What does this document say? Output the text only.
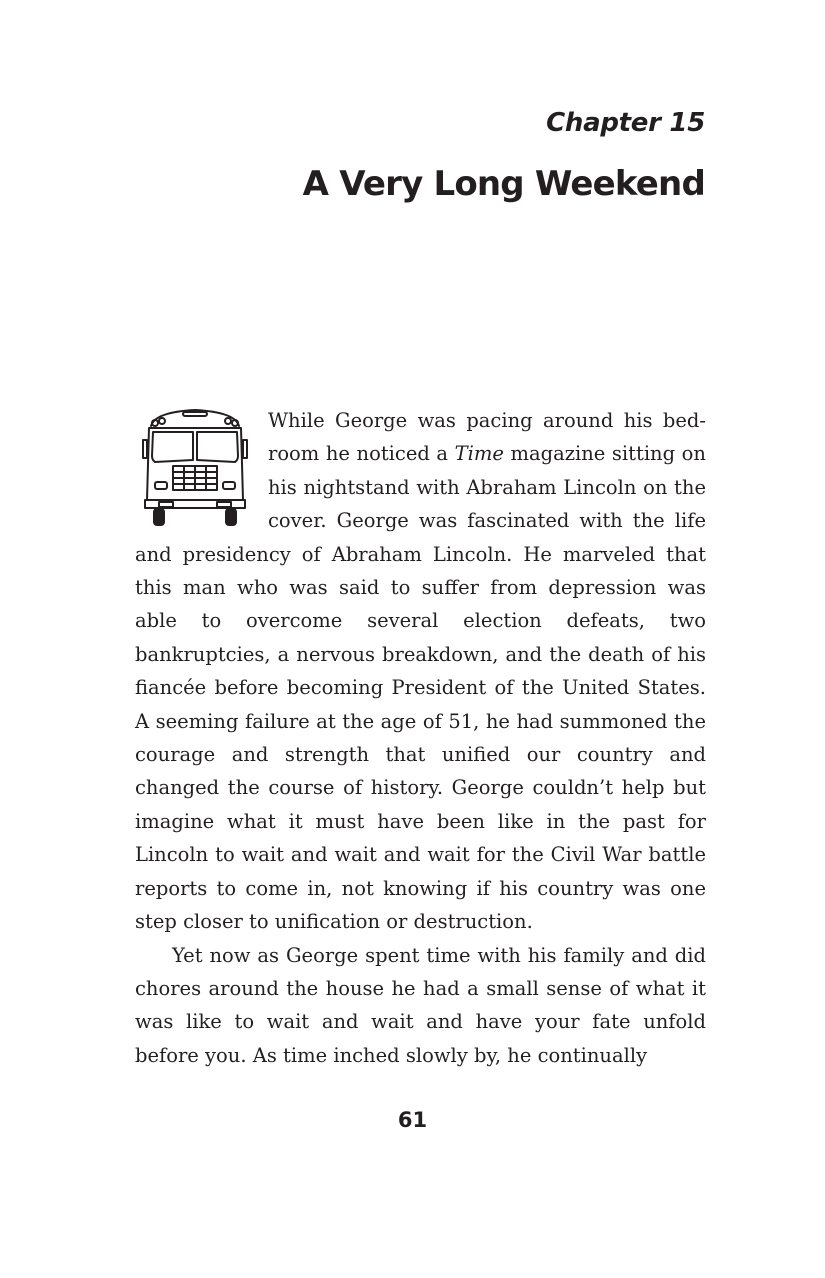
Chapter 15
A Very Long Weekend

While George was pacing around his bedroom he noticed a Time magazine sitting on his nightstand with Abraham Lincoln on the cover. George was fascinated with the life and presidency of Abraham Lincoln. He marveled that this man who was said to suffer from depression was able to overcome several election defeats, two bankruptcies, a nervous breakdown, and the death of his fiancée before becoming President of the United States. A seeming failure at the age of 51, he had summoned the courage and strength that unified our country and changed the course of history. George couldn’t help but imagine what it must have been like in the past for Lincoln to wait and wait and wait for the Civil War battle reports to come in, not knowing if his country was one step closer to unification or destruction.

Yet now as George spent time with his family and did chores around the house he had a small sense of what it was like to wait and wait and have your fate unfold before you. As time inched slowly by, he continually

61
